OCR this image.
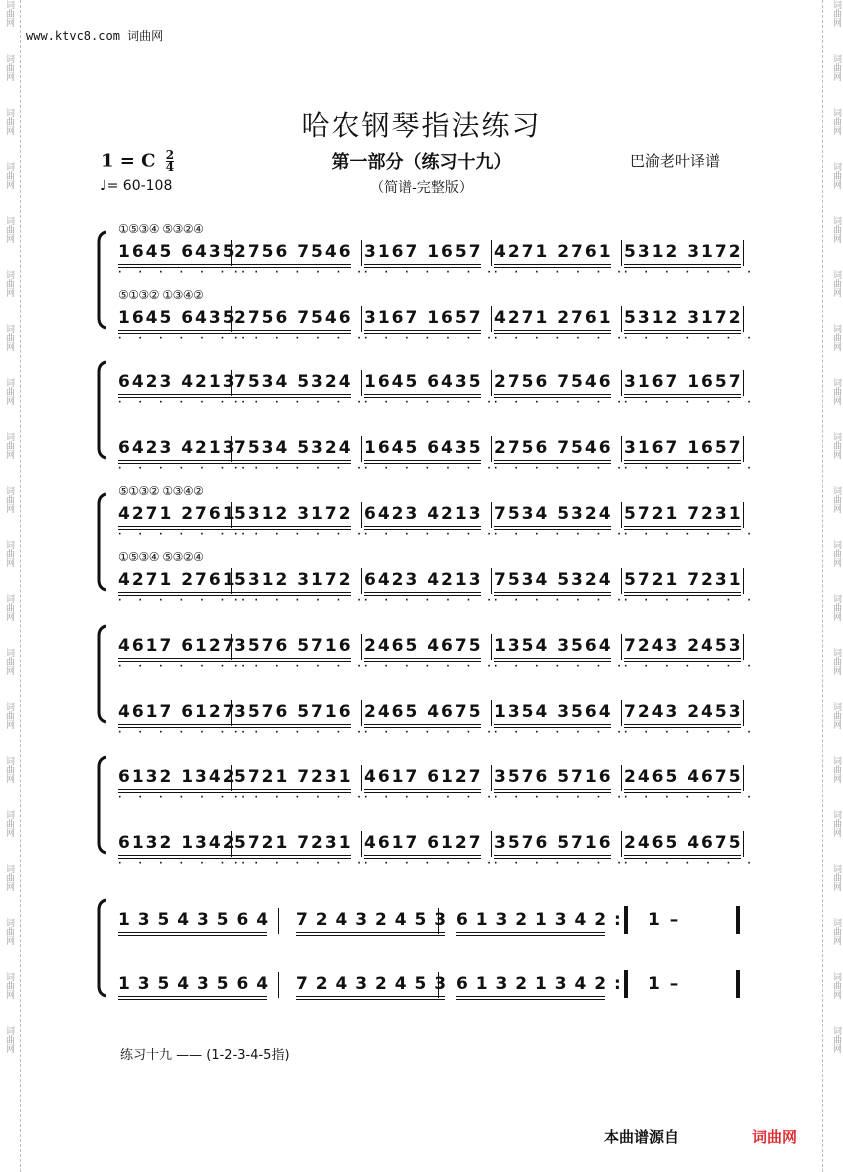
词曲网
词曲网
词曲网
词曲网
词曲网
词曲网
词曲网
词曲网
词曲网
词曲网
词曲网
词曲网
词曲网
词曲网
词曲网
词曲网
词曲网
词曲网
词曲网
词曲网
词曲网
词曲网
词曲网
词曲网
词曲网
词曲网
词曲网
词曲网
词曲网
词曲网
词曲网
词曲网
词曲网
词曲网
词曲网
词曲网
词曲网
词曲网
词曲网
词曲网
www.ktvc8.com 词曲网
哈农钢琴指法练习
1 = C $\frac{2}{4}$
♩= 60-108
第一部分（练习十九）	巴渝老叶译谱
（简谱-完整版）
①⑤③④ ⑤③②④
1645 6435
· · · · · · ·
2756 7546
· · · · · · ·
3167 1657
· · · · · · ·
4271 2761
· · · · · · ·
5312 3172
· · · · · · ·
⑤①③② ①③④②
1645 6435
· · · · · · ·
2756 7546
· · · · · · ·
3167 1657
· · · · · · ·
4271 2761
· · · · · · ·
5312 3172
· · · · · · ·
6423 4213
· · · · · · ·
7534 5324
· · · · · · ·
1645 6435
· · · · · · ·
2756 7546
· · · · · · ·
3167 1657
· · · · · · ·
6423 4213
· · · · · · ·
7534 5324
· · · · · · ·
1645 6435
· · · · · · ·
2756 7546
· · · · · · ·
3167 1657
· · · · · · ·
⑤①③② ①③④②
4271 2761
· · · · · · ·
5312 3172
· · · · · · ·
6423 4213
· · · · · · ·
7534 5324
· · · · · · ·
5721 7231
· · · · · · ·
①⑤③④ ⑤③②④
4271 2761
· · · · · · ·
5312 3172
· · · · · · ·
6423 4213
· · · · · · ·
7534 5324
· · · · · · ·
5721 7231
· · · · · · ·
4617 6127
· · · · · · ·
3576 5716
· · · · · · ·
2465 4675
· · · · · · ·
1354 3564
· · · · · · ·
7243 2453
· · · · · · ·
4617 6127
· · · · · · ·
3576 5716
· · · · · · ·
2465 4675
· · · · · · ·
1354 3564
· · · · · · ·
7243 2453
· · · · · · ·
6132 1342
· · · · · · ·
5721 7231
· · · · · · ·
4617 6127
· · · · · · ·
3576 5716
· · · · · · ·
2465 4675
· · · · · · ·
6132 1342
· · · · · · ·
5721 7231
· · · · · · ·
4617 6127
· · · · · · ·
3576 5716
· · · · · · ·
2465 4675
· · · · · · ·
1 3 5 4 3 5 6 4 7 2 4 3 2 4 5 3 6 1 3 2 1 3 4 2 : 1 –
1 3 5 4 3 5 6 4 7 2 4 3 2 4 5 3 6 1 3 2 1 3 4 2 : 1 –
练习十九 —— (1-2-3-4-5指)
本曲谱源自	词曲网
